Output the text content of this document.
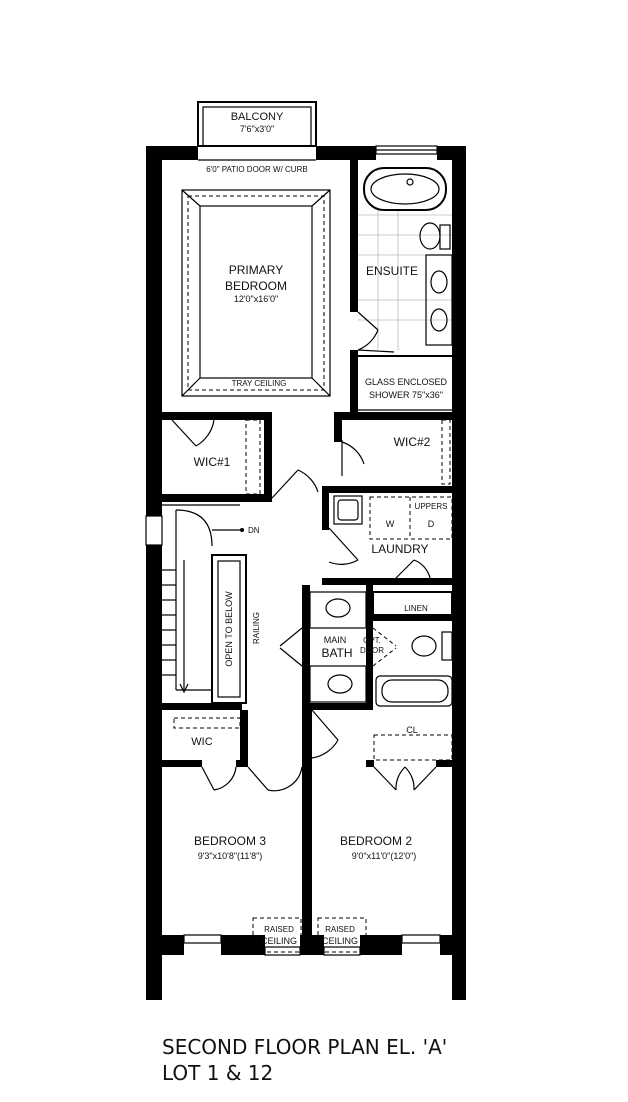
BALCONY
7'6"x3'0"
6'0" PATIO DOOR W/ CURB
PRIMARY
BEDROOM
12'0"x16'0"
TRAY CEILING
ENSUITE
GLASS ENCLOSED
SHOWER 75"x36"
WIC#1
WIC#2
DN
UPPERS
W	D
LAUNDRY
LINEN
OPEN TO BELOW RAILING	MAIN
BATH
OPT.
DOOR
WIC
CL
BEDROOM 3
9'3"x10'8"(11'8")
BEDROOM 2
9'0"x11'0"(12'0")
RAISED
CEILING
RAISED
CEILING
SECOND FLOOR PLAN EL. 'A'
LOT 1 & 12
